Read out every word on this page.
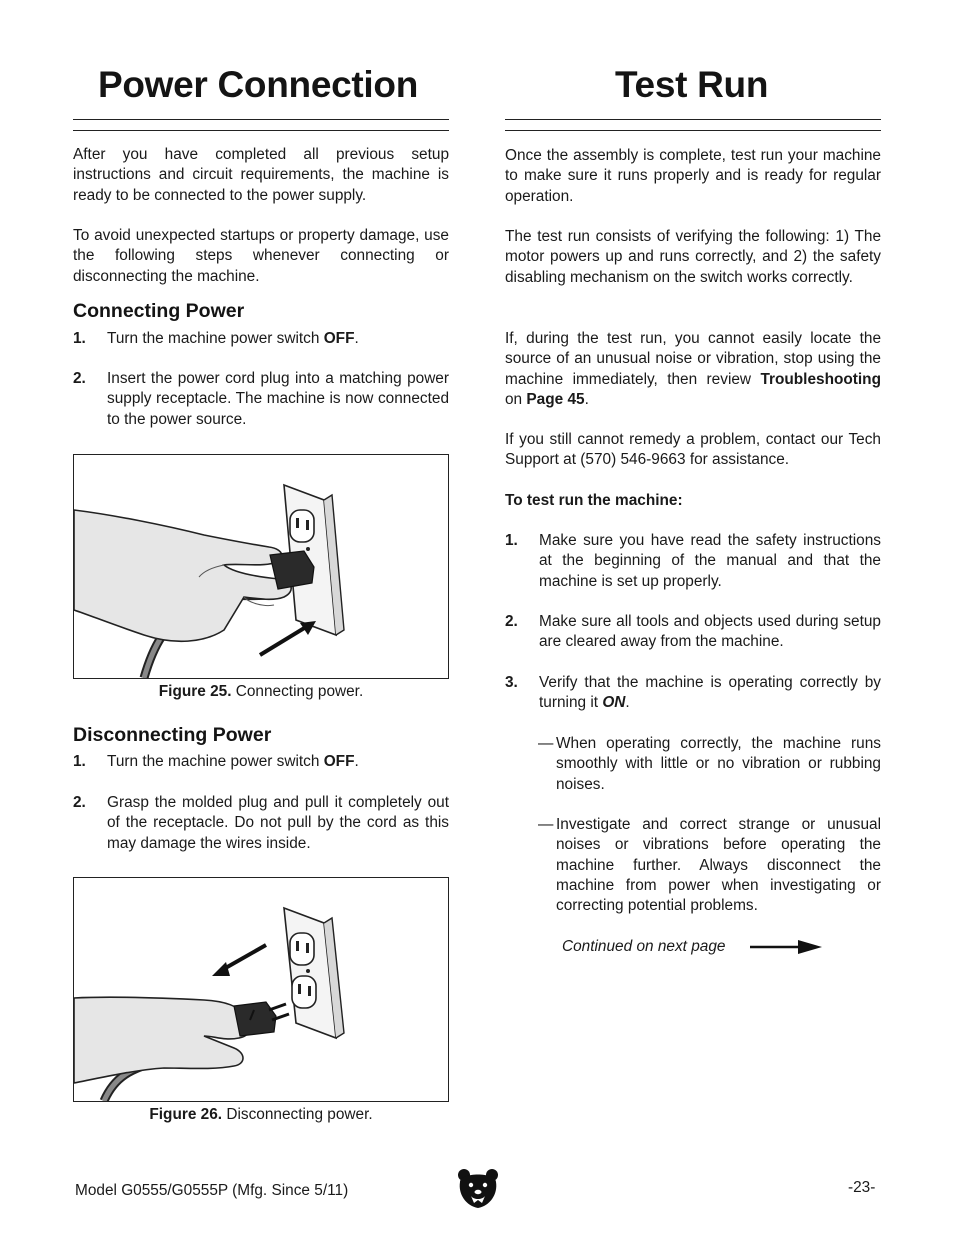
Power Connection

After you have completed all previous setup instructions and circuit requirements, the machine is ready to be connected to the power supply.

To avoid unexpected startups or property damage, use the following steps whenever connecting or disconnecting the machine.

Connecting Power
1. Turn the machine power switch OFF.

2. Insert the power cord plug into a matching power supply receptacle. The machine is now connected to the power source.

Figure 25. Connecting power.
Disconnecting Power
1. Turn the machine power switch OFF.

2. Grasp the molded plug and pull it completely out of the receptacle. Do not pull by the cord as this may damage the wires inside.

Figure 26. Disconnecting power.
Test Run

Once the assembly is complete, test run your machine to make sure it runs properly and is ready for regular operation.

The test run consists of verifying the following: 1) The motor powers up and runs correctly, and 2) the safety disabling mechanism on the switch works correctly.

If, during the test run, you cannot easily locate the source of an unusual noise or vibration, stop using the machine immediately, then review Troubleshooting on Page 45.

If you still cannot remedy a problem, contact our Tech Support at (570) 546-9663 for assistance.

To test run the machine:

1. Make sure you have read the safety instructions at the beginning of the manual and that the machine is set up properly.

2. Make sure all tools and objects used during setup are cleared away from the machine.

3. Verify that the machine is operating correctly by turning it ON.

— When operating correctly, the machine runs smoothly with little or no vibration or rubbing noises.

— Investigate and correct strange or unusual noises or vibrations before operating the machine further. Always disconnect the machine from power when investigating or correcting potential problems.

Continued on next page
Model G0555/G0555P (Mfg. Since 5/11)	-23-
